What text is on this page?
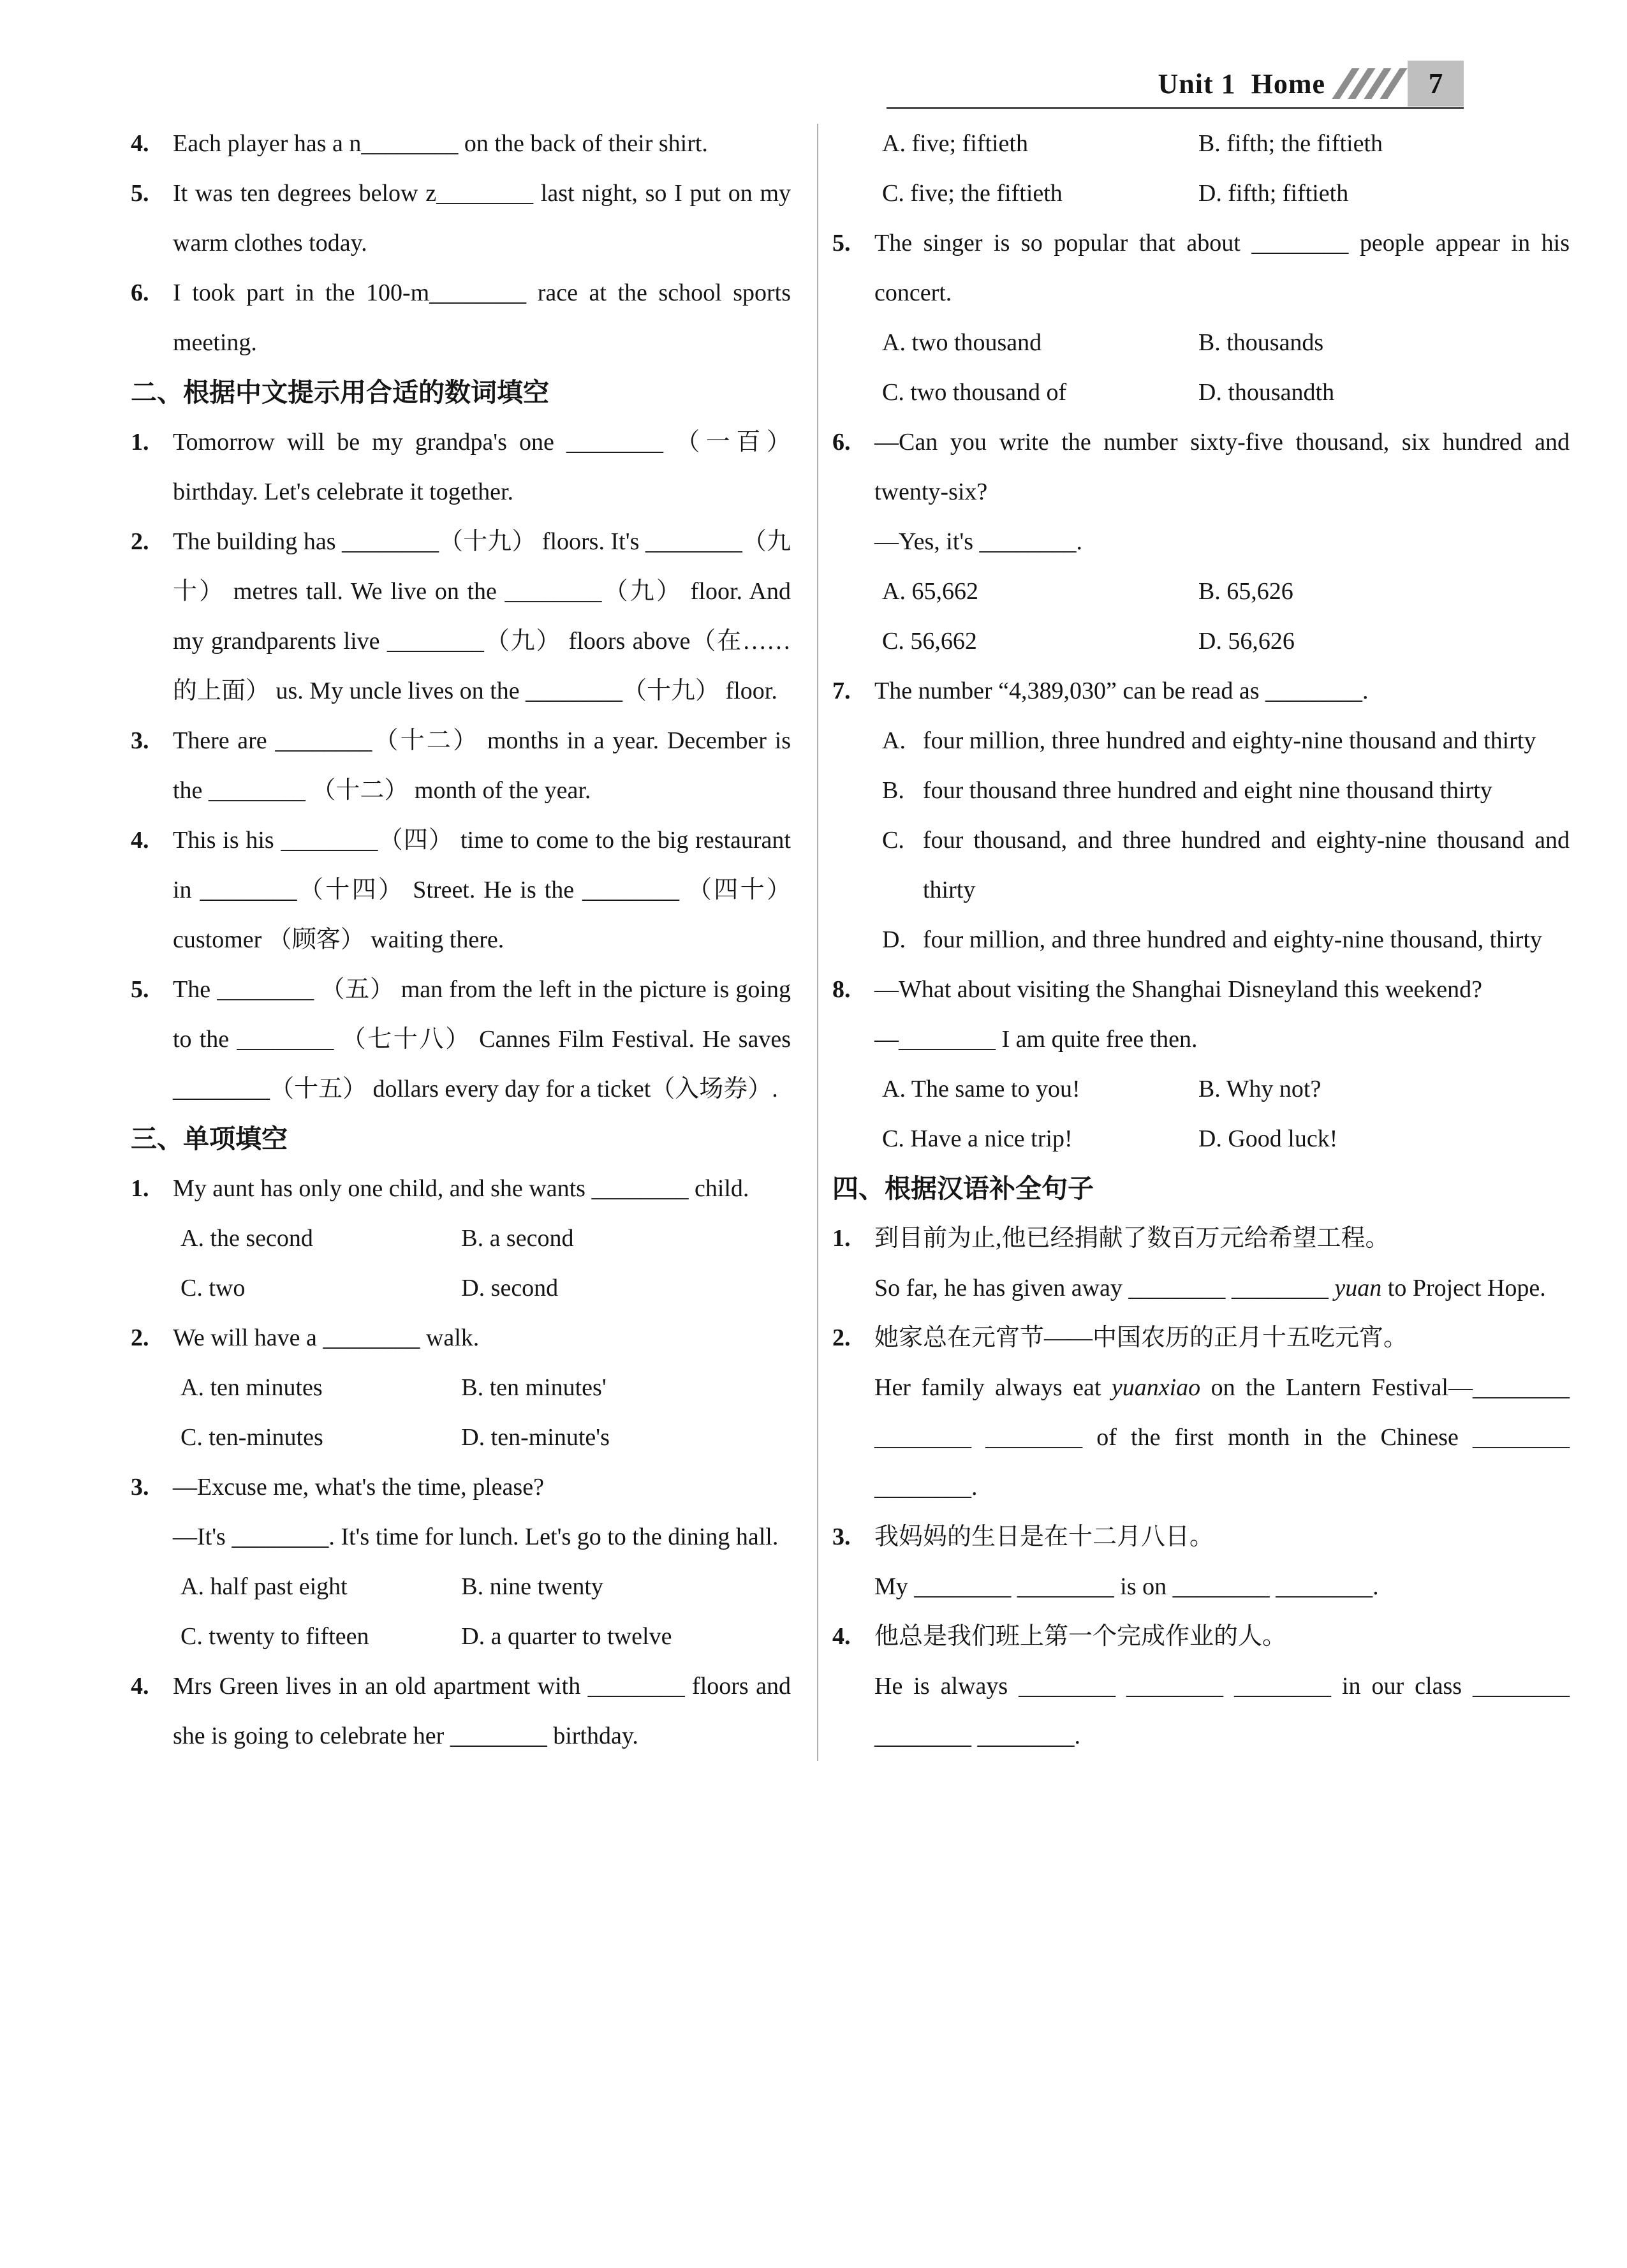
Unit 1  Home	7
4. Each player has a n________ on the back of their shirt.
5. It was ten degrees below z________ last night, so I put on my warm clothes today.
6. I took part in the 100-m________ race at the school sports meeting.
二、根据中文提示用合适的数词填空
1. Tomorrow will be my grandpa's one ________ （一百） birthday. Let's celebrate it together.
2. The building has ________（十九） floors. It's ________（九十） metres tall. We live on the ________（九） floor. And my grandparents live ________（九） floors above（在……的上面） us. My uncle lives on the ________（十九） floor.
3. There are ________（十二） months in a year. December is the ________ （十二） month of the year.
4. This is his ________（四） time to come to the big restaurant in ________（十四） Street. He is the ________ （四十） customer （顾客） waiting there.
5. The ________ （五） man from the left in the picture is going to the ________ （七十八） Cannes Film Festival. He saves ________（十五） dollars every day for a ticket（入场券）.
三、单项填空
1. My aunt has only one child, and she wants ________ child.
A. the second	B. a second
C. two	D. second
2. We will have a ________ walk.
A. ten minutes	B. ten minutes'
C. ten-minutes	D. ten-minute's
3. —Excuse me, what's the time, please?
—It's ________. It's time for lunch. Let's go to the dining hall.
A. half past eight	B. nine twenty
C. twenty to fifteen	D. a quarter to twelve
4. Mrs Green lives in an old apartment with ________ floors and she is going to celebrate her ________ birthday.
A. five; fiftieth	B. fifth; the fiftieth
C. five; the fiftieth	D. fifth; fiftieth
5. The singer is so popular that about ________ people appear in his concert.
A. two thousand	B. thousands
C. two thousand of	D. thousandth
6. —Can you write the number sixty-five thousand, six hundred and twenty-six?
—Yes, it's ________.
A. 65,662	B. 65,626
C. 56,662	D. 56,626
7. The number “4,389,030” can be read as ________.
A. four million, three hundred and eighty-nine thousand and thirty
B. four thousand three hundred and eight nine thousand thirty
C. four thousand, and three hundred and eighty-nine thousand and thirty
D. four million, and three hundred and eighty-nine thousand, thirty
8. —What about visiting the Shanghai Disneyland this weekend?
—________ I am quite free then.
A. The same to you!	B. Why not?
C. Have a nice trip!	D. Good luck!
四、根据汉语补全句子
1. 到目前为止,他已经捐献了数百万元给希望工程。
So far, he has given away ________ ________ yuan to Project Hope.
2. 她家总在元宵节——中国农历的正月十五吃元宵。
Her family always eat yuanxiao on the Lantern Festival—________ ________ ________ of the first month in the Chinese ________ ________.
3. 我妈妈的生日是在十二月八日。
My ________ ________ is on ________ ________.
4. 他总是我们班上第一个完成作业的人。
He is always ________ ________ ________ in our class ________ ________ ________.
